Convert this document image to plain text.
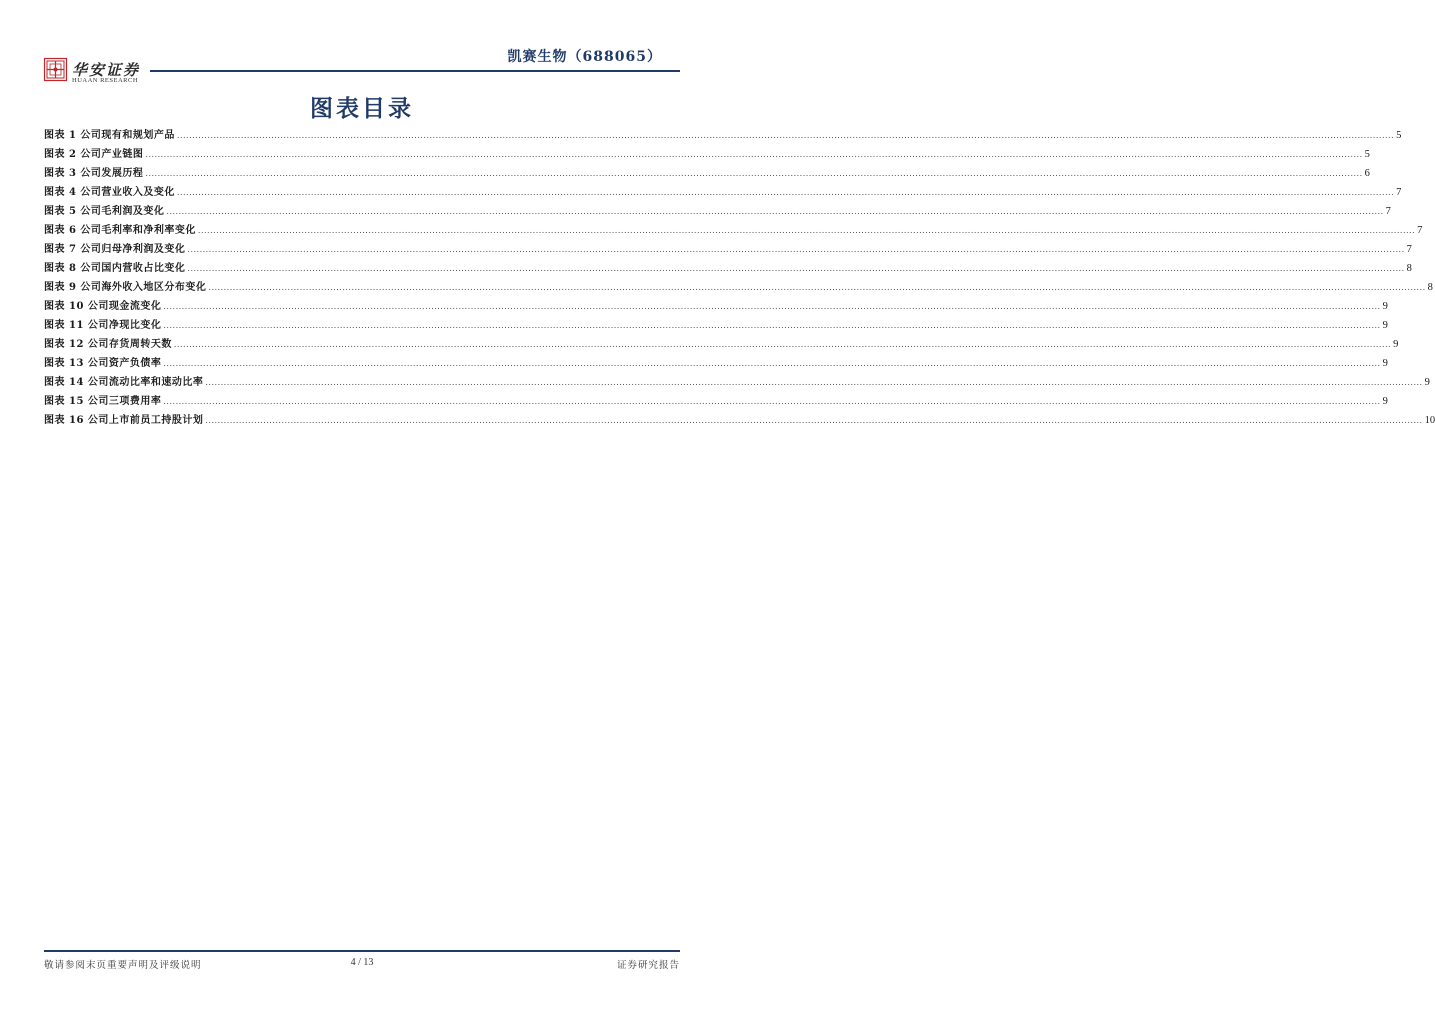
华安证券
HUAAN RESEARCH
凯赛生物（688065）
图表目录
图表 1 公司现有和规划产品 ................................................................................................................................................................................................................................................................................................................................................................................................................ 5
图表 2 公司产业链图 ................................................................................................................................................................................................................................................................................................................................................................................................................ 5
图表 3 公司发展历程 ................................................................................................................................................................................................................................................................................................................................................................................................................ 6
图表 4 公司营业收入及变化 ................................................................................................................................................................................................................................................................................................................................................................................................................ 7
图表 5 公司毛利润及变化 ................................................................................................................................................................................................................................................................................................................................................................................................................ 7
图表 6 公司毛利率和净利率变化 ................................................................................................................................................................................................................................................................................................................................................................................................................ 7
图表 7 公司归母净利润及变化 ................................................................................................................................................................................................................................................................................................................................................................................................................ 7
图表 8 公司国内营收占比变化 ................................................................................................................................................................................................................................................................................................................................................................................................................ 8
图表 9 公司海外收入地区分布变化 ................................................................................................................................................................................................................................................................................................................................................................................................................ 8
图表 10 公司现金流变化 ................................................................................................................................................................................................................................................................................................................................................................................................................ 9
图表 11 公司净现比变化 ................................................................................................................................................................................................................................................................................................................................................................................................................ 9
图表 12 公司存货周转天数 ................................................................................................................................................................................................................................................................................................................................................................................................................ 9
图表 13 公司资产负债率 ................................................................................................................................................................................................................................................................................................................................................................................................................ 9
图表 14 公司流动比率和速动比率 ................................................................................................................................................................................................................................................................................................................................................................................................................ 9
图表 15 公司三项费用率 ................................................................................................................................................................................................................................................................................................................................................................................................................ 9
图表 16 公司上市前员工持股计划 ................................................................................................................................................................................................................................................................................................................................................................................................................ 10
敬请参阅末页重要声明及评级说明	4 / 13	证券研究报告
